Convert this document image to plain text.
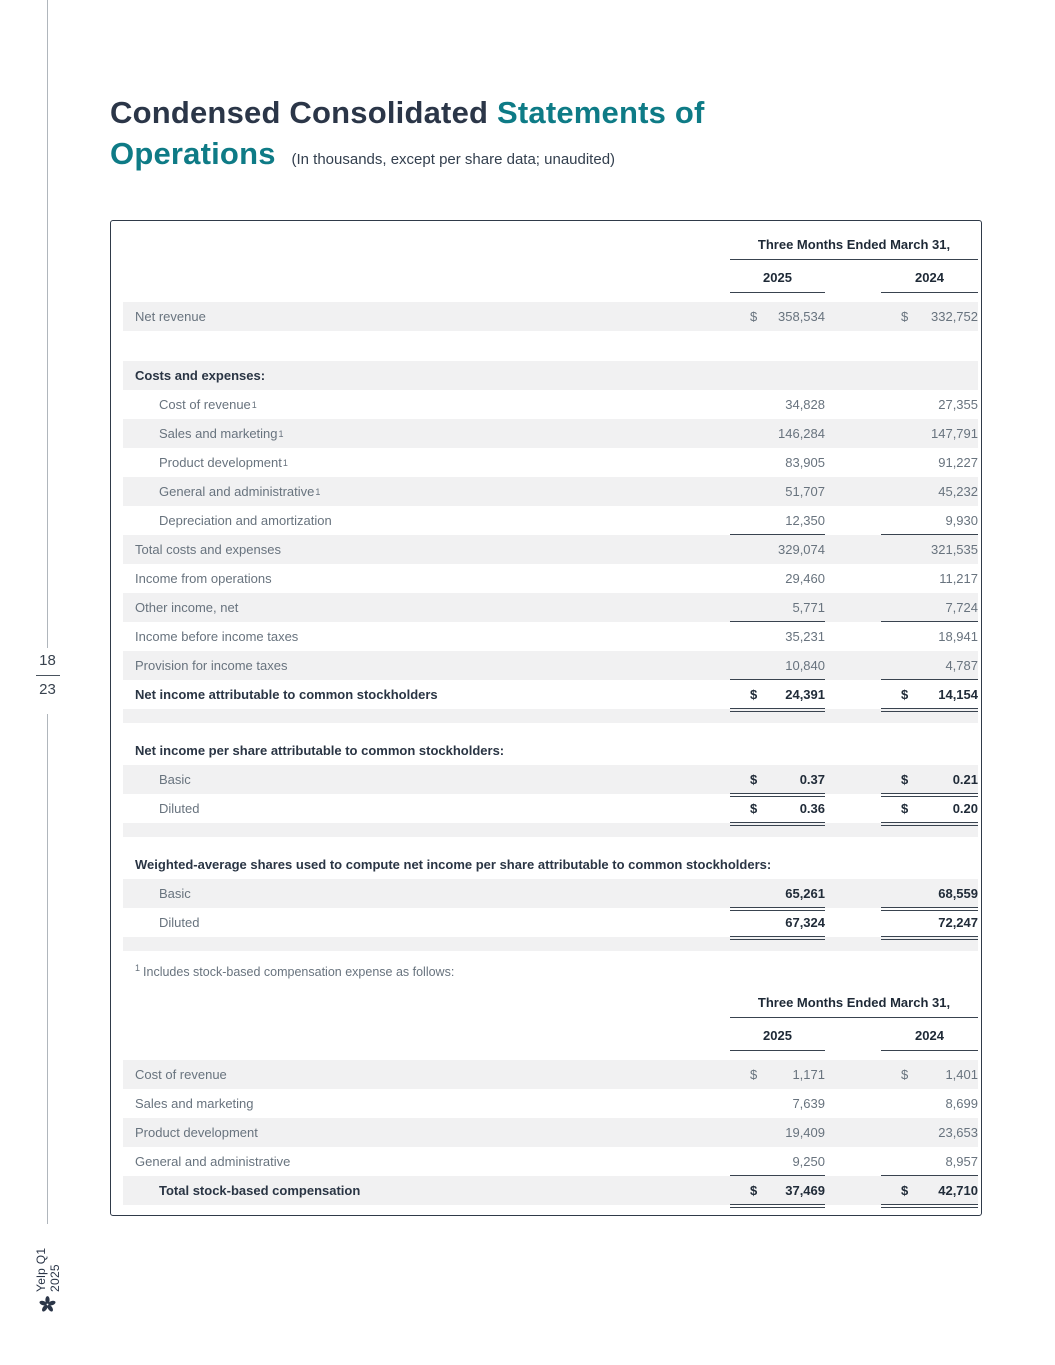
18
23
Yelp Q1 2025
Condensed Consolidated Statements of
Operations (In thousands, except per share data; unaudited)
Three Months Ended March 31,
2025	2024
Net revenue	$ 358,534	$ 332,752
Costs and expenses:
Cost of revenue 1	34,828	27,355
Sales and marketing 1	146,284	147,791
Product development 1	83,905	91,227
General and administrative 1	51,707	45,232
Depreciation and amortization	12,350	9,930
Total costs and expenses	329,074	321,535
Income from operations	29,460	11,217
Other income, net	5,771	7,724
Income before income taxes	35,231	18,941
Provision for income taxes	10,840	4,787
Net income attributable to common stockholders	$ 24,391	$ 14,154
Net income per share attributable to common stockholders:
Basic	$	0.37	$	0.21
Diluted	$	0.36	$	0.20
Weighted-average shares used to compute net income per share attributable to common stockholders:
Basic	65,261	68,559
Diluted	67,324	72,247

$^1$ Includes stock-based compensation expense as follows:

Three Months Ended March 31,
2025	2024
Cost of revenue	$	1,171	$	1,401
Sales and marketing	7,639	8,699
Product development	19,409	23,653
General and administrative	9,250	8,957
Total stock-based compensation	$ 37,469	$ 42,710
